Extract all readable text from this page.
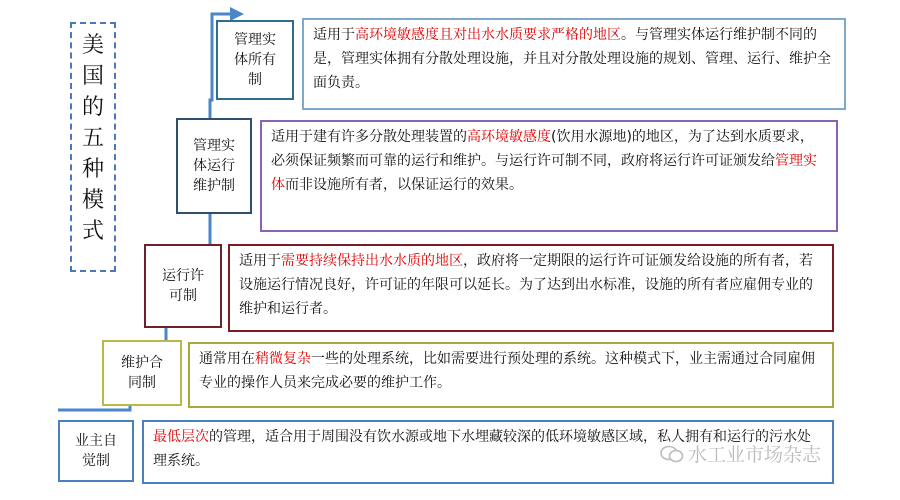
美
国
的
五
种
模
式
管理实
体所有
制
适用于高环境敏感度且对出水水质要求严格的地区。与管理实体运行维护制不同的是，管理实体拥有分散处理设施，并且对分散处理设施的规划、管理、运行、维护全面负责。
管理实
体运行
维护制
适用于建有许多分散处理装置的高环境敏感度(饮用水源地)的地区，为了达到水质要求，必须保证频繁而可靠的运行和维护。与运行许可制不同，政府将运行许可证颁发给管理实体而非设施所有者，以保证运行的效果。
运行许
可制
适用于需要持续保持出水水质的地区，政府将一定期限的运行许可证颁发给设施的所有者，若设施运行情况良好，许可证的年限可以延长。为了达到出水标准，设施的所有者应雇佣专业的维护和运行者。
维护合
同制
通常用在稍微复杂一些的处理系统，比如需要进行预处理的系统。这种模式下，业主需通过合同雇佣专业的操作人员来完成必要的维护工作。
业主自
觉制
最低层次的管理，适合用于周围没有饮水源或地下水埋藏较深的低环境敏感区域，私人拥有和运行的污水处理系统。	水工业市场杂志
